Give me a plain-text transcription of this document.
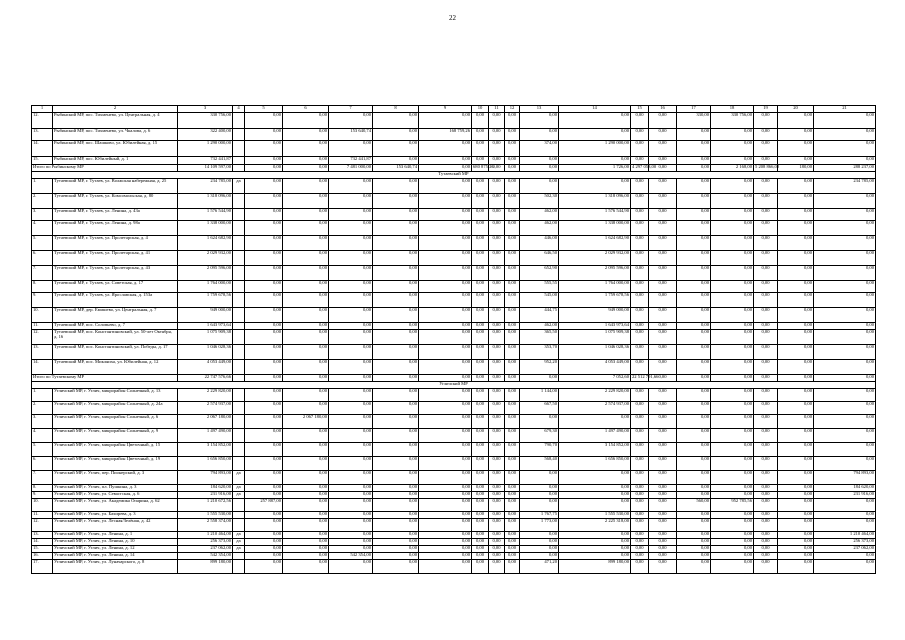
22
1	2	3	4	5	6	7	8	9	10	11	12	13	14	15	16	17	18	19	20	21	
12.	Рыбинский МР, пос. Тихменево, ул. Центральная, д. 4	330 756,00		0,00	0,00	0,00	0,00	0,00	0,00	0,00	0,00	0,00	0,00	0,00	0,00	330,00	330 756,00	0,00	0,00	0,00	
13.	Рыбинский МР, пос. Тихменево, ул. Чкалова, д. 6	322 400,00		0,00	0,00	153 640,74	0,00	168 759,26	0,00	0,00	0,00	0,00	0,00	0,00	0,00	0,00	0,00	0,00	0,00	0,00	
14.	Рыбинский МР, пос. Шашково, ул. Юбилейная, д. 15	1 290 000,00		0,00	0,00	0,00	0,00	0,00	0,00	0,00	0,00	374,00	1 290 000,00	0,00	0,00	0,00	0,00	0,00	0,00	0,00	
15.	Рыбинский МР, пос. Юбилейный, д. 1	732 441,87		0,00	0,00	732 441,87	0,00	0,00	0,00	0,00	0,00	0,00	0,00	0,00	0,00	0,00	0,00	0,00	0,00	0,00	
Итого по Рыбинскому МР		14 109 597,00		0,00	0,00	7 481 000,00	153 640,74	0,00	680 875,26	0,00	0,00	0,00	1 726,00	4 297 058,00	0,00	0,00	2 168,00	5 208 866,00	180,00	288 237,00	
Тутаевский МР																					
1.	Тутаевский МР, г. Тутаев, ул. Волжская набережная, д. 25	234 785,00	да	0,00	0,00	0,00	0,00	0,00	0,00	0,00	0,00	0,00	0,00	0,00	0,00	0,00	0,00	0,00	0,00	234 785,00	
2.	Тутаевский МР, г. Тутаев, ул. Комсомольская, д. 80	1 318 096,00		0,00	0,00	0,00	0,00	0,00	0,00	0,00	0,00	502,30	1 318 096,00	0,00	0,00	0,00	0,00	0,00	0,00	0,00	
3.	Тутаевский МР, г. Тутаев, ул. Ленина, д. 43а	1 576 544,90		0,00	0,00	0,00	0,00	0,00	0,00	0,00	0,00	462,00	1 576 544,90	0,00	0,00	0,00	0,00	0,00	0,00	0,00	
4.	Тутаевский МР, г. Тутаев, ул. Ленина, д. 98а	1 338 000,00		0,00	0,00	0,00	0,00	0,00	0,00	0,00	0,00	462,00	1 338 000,00	0,00	0,00	0,00	0,00	0,00	0,00	0,00	
5.	Тутаевский МР, г. Тутаев, ул. Пролетарская, д. 4	1 624 682,90		0,00	0,00	0,00	0,00	0,00	0,00	0,00	0,00	446,00	1 624 682,90	0,00	0,00	0,00	0,00	0,00	0,00	0,00	
6.	Тутаевский МР, г. Тутаев, ул. Пролетарская, д. 41	2 029 932,00		0,00	0,00	0,00	0,00	0,00	0,00	0,00	0,00	646,50	2 029 932,00	0,00	0,00	0,00	0,00	0,00	0,00	0,00	
7.	Тутаевский МР, г. Тутаев, ул. Пролетарская, д. 43	2 095 596,00		0,00	0,00	0,00	0,00	0,00	0,00	0,00	0,00	652,90	2 095 596,00	0,00	0,00	0,00	0,00	0,00	0,00	0,00	
8.	Тутаевский МР, г. Тутаев, ул. Советская, д. 17	1 764 000,00		0,00	0,00	0,00	0,00	0,00	0,00	0,00	0,00	555,55	1 764 000,00	0,00	0,00	0,00	0,00	0,00	0,00	0,00	
9.	Тутаевский МР, г. Тутаев, ул. Ярославская, д. 153а	1 759 678,56		0,00	0,00	0,00	0,00	0,00	0,00	0,00	0,00	545,00	1 759 678,56	0,00	0,00	0,00	0,00	0,00	0,00	0,00	
10.	Тутаевский МР, дер. Емишево, ул. Центральная, д. 7	949 000,00		0,00	0,00	0,00	0,00	0,00	0,00	0,00	0,00	444,75	949 000,00	0,00	0,00	0,00	0,00	0,00	0,00	0,00	
11.	Тутаевский МР, пос. Соловьево, д. 7	1 643 973,64		0,00	0,00	0,00	0,00	0,00	0,00	0,00	0,00	462,00	1 643 973,64	0,00	0,00	0,00	0,00	0,00	0,00	0,00	
12.	Тутаевский МР, пос. Константиновский, ул. 50-лет Октября, д. 16	1 075 909,38		0,00	0,00	0,00	0,00	0,00	0,00	0,00	0,00	365,50	1 075 909,38	0,00	0,00	0,00	0,00	0,00	0,00	0,00	
13.	Тутаевский МР, пос. Константиновский, ул. Победы, д. 17	1 046 028,36		0,00	0,00	0,00	0,00	0,00	0,00	0,00	0,00	353,70	1 046 028,36	0,00	0,00	0,00	0,00	0,00	0,00	0,00	
14.	Тутаевский МР, пос. Микляиха, ул. Юбилейная, д. 12	4 053 449,00		0,00	0,00	0,00	0,00	0,00	0,00	0,00	0,00	952,20	4 053 449,00	0,00	0,00	0,00	0,00	0,00	0,00	0,00	
Итого по Тутаевскому МР		22 747 576,66		0,00	0,00	0,00	0,00	0,00	0,00	0,00	0,00	0,00	7 052,60	22 512 791,66	0,00	0,00	0,00	0,00	0,00	0,00	
Угличский МР																					
1.	Угличский МР, г. Углич, микрорайон Солнечный, д. 13	2 229 820,00		0,00	0,00	0,00	0,00	0,00	0,00	0,00	0,00	1 144,00	2 229 820,00	0,00	0,00	0,00	0,00	0,00	0,00	0,00	
2.	Угличский МР, г. Углич, микрорайон Солнечный, д. 24а	2 574 937,00		0,00	0,00	0,00	0,00	0,00	0,00	0,00	0,00	667,50	2 574 937,00	0,00	0,00	0,00	0,00	0,00	0,00	0,00	
3.	Угличский МР, г. Углич, микрорайон Солнечный, д. 6	2 067 180,00		0,00	2 067 180,00	0,00	0,00	0,00	0,00	0,00	0,00	0,00	0,00	0,00	0,00	0,00	0,00	0,00	0,00	0,00	
4.	Угличский МР, г. Углич, микрорайон Солнечный, д. 9	1 497 490,00		0,00	0,00	0,00	0,00	0,00	0,00	0,00	0,00	679,30	1 497 490,00	0,00	0,00	0,00	0,00	0,00	0,00	0,00	
5.	Угличский МР, г. Углич, микрорайон Цветочный, д. 15	3 154 852,00		0,00	0,00	0,00	0,00	0,00	0,00	0,00	0,00	790,70	3 154 852,00	0,00	0,00	0,00	0,00	0,00	0,00	0,00	
6.	Угличский МР, г. Углич, микрорайон Цветочный, д. 19	1 656 850,00		0,00	0,00	0,00	0,00	0,00	0,00	0,00	0,00	568,40	1 656 850,00	0,00	0,00	0,00	0,00	0,00	0,00	0,00	
7.	Угличский МР, г. Углич, пер. Пионерский, д. 3	794 893,00	да	0,00	0,00	0,00	0,00	0,00	0,00	0,00	0,00	0,00	0,00	0,00	0,00	0,00	0,00	0,00	0,00	794 893,00	
8.	Угличский МР, г. Углич, пл. Пушкина, д. 3	184 620,00	да	0,00	0,00	0,00	0,00	0,00	0,00	0,00	0,00	0,00	0,00	0,00	0,00	0,00	0,00	0,00	0,00	184 620,00	
9.	Угличский МР, г. Углич, ул. Севастская, д. 6	231 916,00	да	0,00	0,00	0,00	0,00	0,00	0,00	0,00	0,00	0,00	0,00	0,00	0,00	0,00	0,00	0,00	0,00	231 916,00	
10.	Угличский МР, г. Углич, ул. Академика Опарина, д. 62	1 210 672,56		257 887,00	0,00	0,00	0,00	0,00	0,00	0,00	0,00	0,00	0,00	0,00	0,00	560,00	952 785,56	0,00	0,00	0,00	
11.	Угличский МР, г. Углич, ул. Бахирева, д. 3	1 555 530,00		0,00	0,00	0,00	0,00	0,00	0,00	0,00	0,00	1 767,75	1 555 530,00	0,00	0,00	0,00	0,00	0,00	0,00	0,00	
12.	Угличский МР, г. Углич, ул. Лесная/Зелёная, д. 42	2 558 374,00		0,00	0,00	0,00	0,00	0,00	0,00	0,00	0,00	1 773,00	2 225 318,00	0,00	0,00	0,00	0,00	0,00	0,00	0,00	
13.	Угличский МР, г. Углич, ул. Ленина, д. 1	1 210 464,00	да	0,00	0,00	0,00	0,00	0,00	0,00	0,00	0,00	0,00	0,00	0,00	0,00	0,00	0,00	0,00	0,00	1 210 464,00	
14.	Угличский МР, г. Углич, ул. Ленина, д. 10	256 373,00	да	0,00	0,00	0,00	0,00	0,00	0,00	0,00	0,00	0,00	0,00	0,00	0,00	0,00	0,00	0,00	0,00	256 373,00	
15.	Угличский МР, г. Углич, ул. Ленина, д. 12	237 062,00	да	0,00	0,00	0,00	0,00	0,00	0,00	0,00	0,00	0,00	0,00	0,00	0,00	0,00	0,00	0,00	0,00	237 062,00	
16.	Угличский МР, г. Углич, ул. Ленина, д. 14	542 354,00		0,00	0,00	542 354,00	0,00	0,00	0,00	0,00	0,00	0,00	0,00	0,00	0,00	0,00	0,00	0,00	0,00	0,00	
17.	Угличский МР, г. Углич, ул. Луначарского, д. 8	899 180,00		0,00	0,00	0,00	0,00	0,00	0,00	0,00	0,00	471,20	899 180,00	0,00	0,00	0,00	0,00	0,00	0,00	0,00	
